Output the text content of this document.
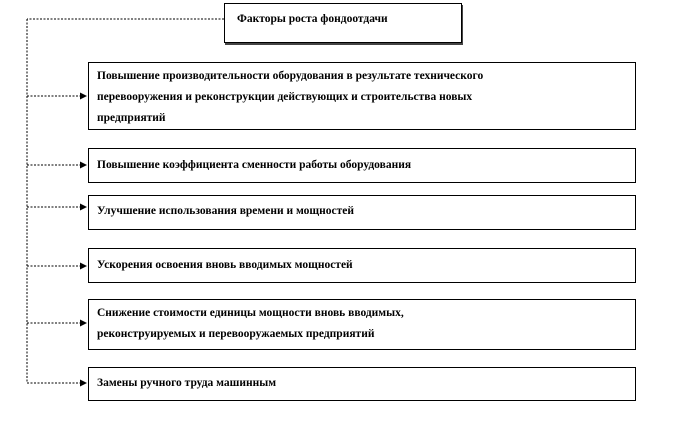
Факторы роста фондоотдачи
Повышение производительности оборудования в результате технического
перевооружения и реконструкции действующих и строительства новых
предприятий
Повышение коэффициента сменности работы оборудования
Улучшение использования времени и мощностей
Ускорения освоения вновь вводимых мощностей
Снижение стоимости единицы мощности вновь вводимых,
реконструируемых и перевооружаемых предприятий
Замены ручного труда машинным
